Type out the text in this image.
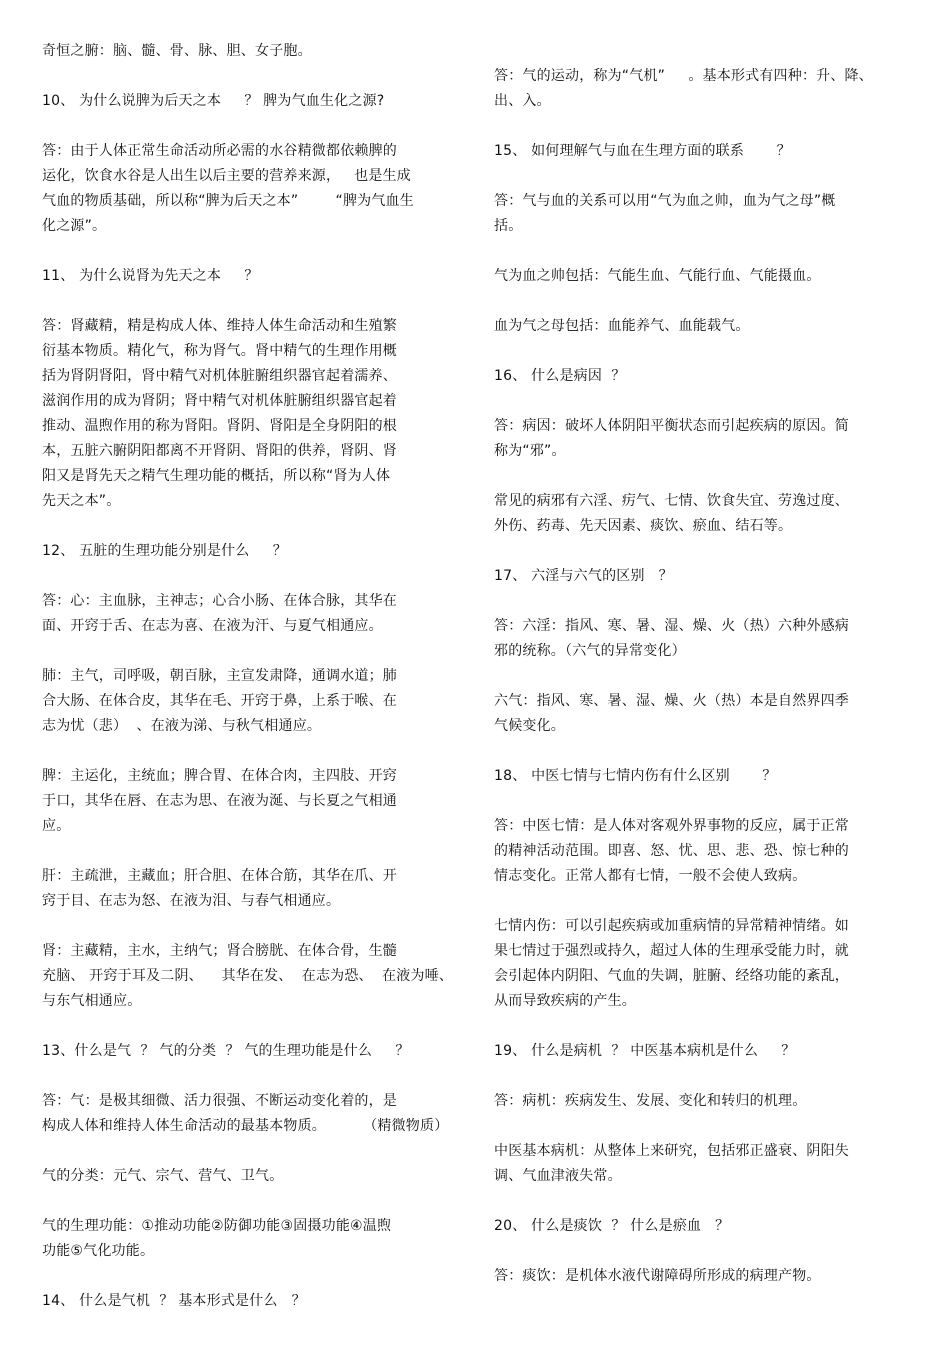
奇恒之腑：脑、髓、骨、脉、胆、女子胞。
10、 为什么说脾为后天之本     ？ 脾为气血生化之源?
答：由于人体正常生命活动所必需的水谷精微都依赖脾的
运化，饮食水谷是人出生以后主要的营养来源，   也是生成
气血的物质基础，所以称“脾为后天之本”        “脾为气血生
化之源”。
11、 为什么说肾为先天之本     ？
答：肾藏精，精是构成人体、维持人体生命活动和生殖繁
衍基本物质。精化气，称为肾气。肾中精气的生理作用概
括为肾阴肾阳，肾中精气对机体脏腑组织器官起着濡养、
滋润作用的成为肾阴；肾中精气对机体脏腑组织器官起着
推动、温煦作用的称为肾阳。肾阴、肾阳是全身阴阳的根
本，五脏六腑阴阳都离不开肾阴、肾阳的供养，肾阴、肾
阳又是肾先天之精气生理功能的概括，所以称“肾为人体
先天之本”。
12、 五脏的生理功能分别是什么     ？
答：心：主血脉，主神志；心合小肠、在体合脉，其华在
面、开窍于舌、在志为喜、在液为汗、与夏气相通应。
肺：主气，司呼吸，朝百脉，主宣发肃降，通调水道；肺
合大肠、在体合皮，其华在毛、开窍于鼻，上系于喉、在
志为忧（悲）  、在液为涕、与秋气相通应。
脾：主运化，主统血；脾合胃、在体合肉，主四肢、开窍
于口，其华在唇、在志为思、在液为涎、与长夏之气相通
应。
肝：主疏泄，主藏血；肝合胆、在体合筋，其华在爪、开
窍于目、在志为怒、在液为泪、与春气相通应。
肾：主藏精，主水，主纳气；肾合膀胱、在体合骨，生髓
充脑、 开窍于耳及二阴、    其华在发、  在志为恐、  在液为唾、
与东气相通应。
13、什么是气  ？ 气的分类  ？ 气的生理功能是什么     ？
答：气：是极其细微、活力很强、不断运动变化着的，是
构成人体和维持人体生命活动的最基本物质。        （精微物质）
气的分类：元气、宗气、营气、卫气。
气的生理功能：①推动功能②防御功能③固摄功能④温煦
功能⑤气化功能。
14、 什么是气机  ？ 基本形式是什么   ？
答：气的运动，称为“气机”     。基本形式有四种：升、降、
出、入。
15、 如何理解气与血在生理方面的联系       ？
答：气与血的关系可以用“气为血之帅，血为气之母”概
括。
气为血之帅包括：气能生血、气能行血、气能摄血。
血为气之母包括：血能养气、血能载气。
16、 什么是病因  ？
答：病因：破坏人体阴阳平衡状态而引起疾病的原因。简
称为“邪”。
常见的病邪有六淫、疠气、七情、饮食失宜、劳逸过度、
外伤、药毒、先天因素、痰饮、瘀血、结石等。
17、 六淫与六气的区别   ？
答：六淫：指风、寒、暑、湿、燥、火（热）六种外感病
邪的统称。（六气的异常变化）
六气：指风、寒、暑、湿、燥、火（热）本是自然界四季
气候变化。
18、 中医七情与七情内伤有什么区别       ？
答：中医七情：是人体对客观外界事物的反应，属于正常
的精神活动范围。即喜、怒、忧、思、悲、恐、惊七种的
情志变化。正常人都有七情，一般不会使人致病。
七情内伤：可以引起疾病或加重病情的异常精神情绪。如
果七情过于强烈或持久，超过人体的生理承受能力时，就
会引起体内阴阳、气血的失调，脏腑、经络功能的紊乱，
从而导致疾病的产生。
19、 什么是病机  ？ 中医基本病机是什么     ？
答：病机：疾病发生、发展、变化和转归的机理。
中医基本病机：从整体上来研究，包括邪正盛衰、阴阳失
调、气血津液失常。
20、 什么是痰饮  ？ 什么是瘀血   ？
答：痰饮：是机体水液代谢障碍所形成的病理产物。
